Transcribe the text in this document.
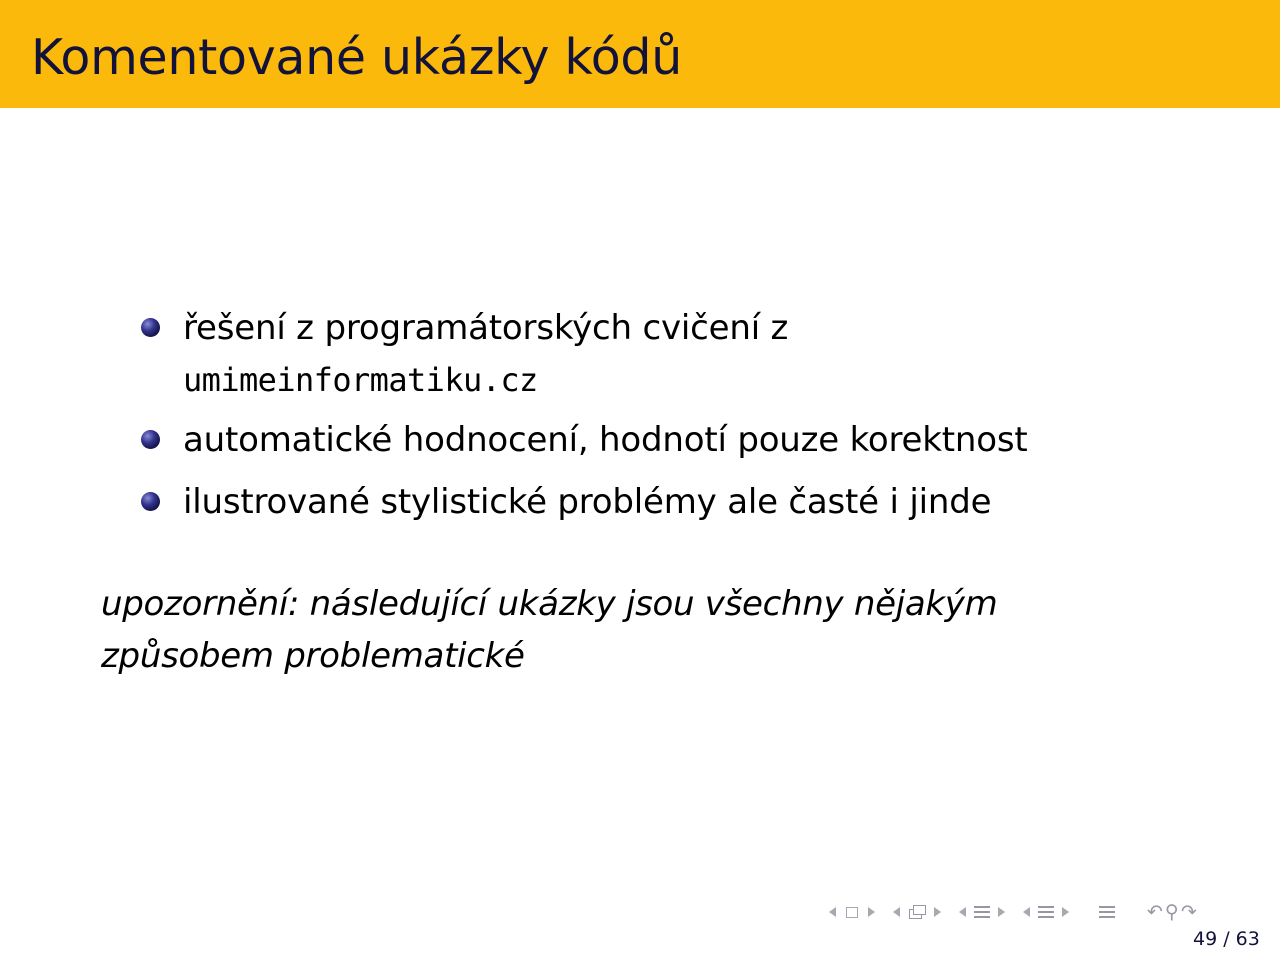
Komentované ukázky kódů
řešení z programátorských cvičení z
umimeinformatiku.cz
automatické hodnocení, hodnotí pouze korektnost
ilustrované stylistické problémy ale časté i jinde
upozornění: následující ukázky jsou všechny nějakým
způsobem problematické
↶ ⚲ ↷
49 / 63
